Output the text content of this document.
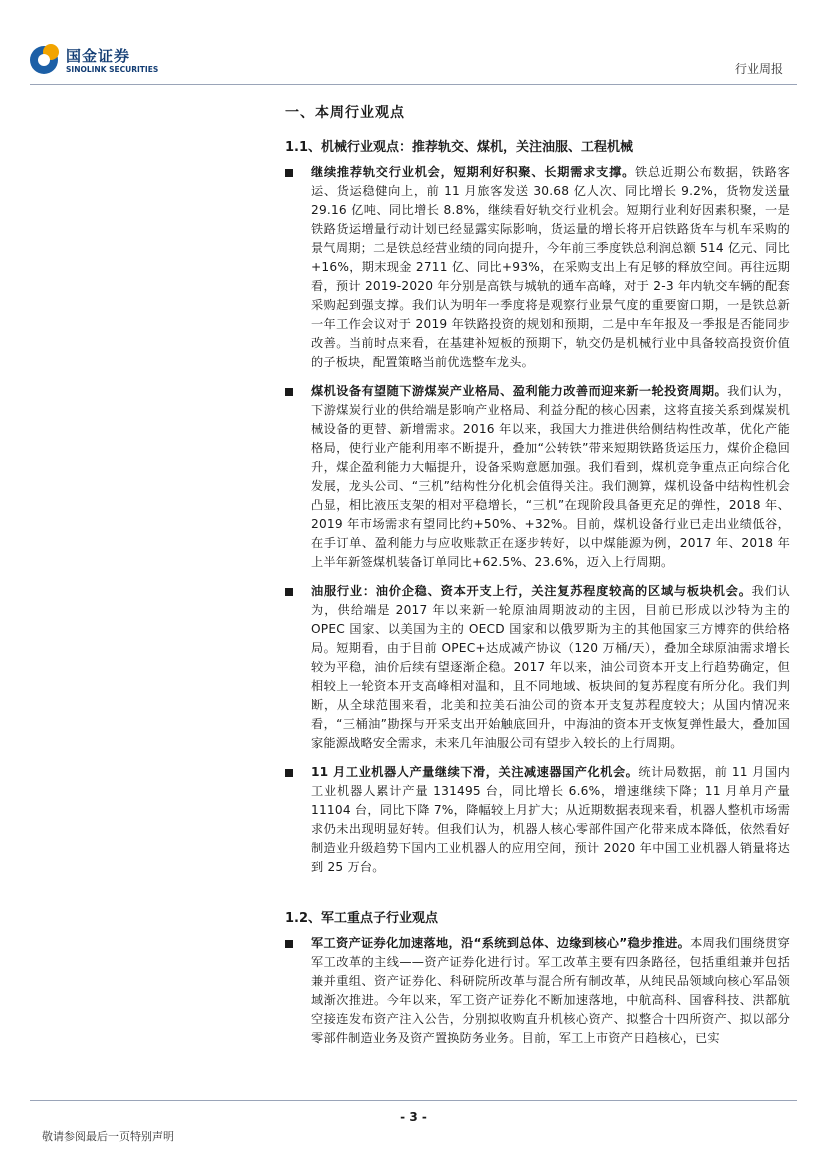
国金证券
SINOLINK SECURITIES	行业周报
一、本周行业观点
1.1、机械行业观点：推荐轨交、煤机，关注油服、工程机械
继续推荐轨交行业机会，短期利好积聚、长期需求支撑。铁总近期公布数据，铁路客运、货运稳健向上，前 11 月旅客发送 30.68 亿人次、同比增长 9.2%，货物发送量 29.16 亿吨、同比增长 8.8%，继续看好轨交行业机会。短期行业利好因素积聚，一是铁路货运增量行动计划已经显露实际影响，货运量的增长将开启铁路货车与机车采购的景气周期；二是铁总经营业绩的同向提升，今年前三季度铁总利润总额 514 亿元、同比+16%，期末现金 2711 亿、同比+93%，在采购支出上有足够的释放空间。再往远期看，预计 2019-2020 年分别是高铁与城轨的通车高峰，对于 2-3 年内轨交车辆的配套采购起到强支撑。我们认为明年一季度将是观察行业景气度的重要窗口期，一是铁总新一年工作会议对于 2019 年铁路投资的规划和预期，二是中车年报及一季报是否能同步改善。当前时点来看，在基建补短板的预期下，轨交仍是机械行业中具备较高投资价值的子板块，配置策略当前优选整车龙头。
煤机设备有望随下游煤炭产业格局、盈利能力改善而迎来新一轮投资周期。我们认为，下游煤炭行业的供给端是影响产业格局、利益分配的核心因素，这将直接关系到煤炭机械设备的更替、新增需求。2016 年以来，我国大力推进供给侧结构性改革，优化产能格局，使行业产能利用率不断提升，叠加“公转铁”带来短期铁路货运压力，煤价企稳回升，煤企盈利能力大幅提升，设备采购意愿加强。我们看到，煤机竞争重点正向综合化发展，龙头公司、“三机”结构性分化机会值得关注。我们测算，煤机设备中结构性机会凸显，相比液压支架的相对平稳增长，“三机”在现阶段具备更充足的弹性，2018 年、2019 年市场需求有望同比约+50%、+32%。目前，煤机设备行业已走出业绩低谷，在手订单、盈利能力与应收账款正在逐步转好，以中煤能源为例，2017 年、2018 年上半年新签煤机装备订单同比+62.5%、23.6%，迈入上行周期。
油服行业：油价企稳、资本开支上行，关注复苏程度较高的区域与板块机会。我们认为，供给端是 2017 年以来新一轮原油周期波动的主因，目前已形成以沙特为主的 OPEC 国家、以美国为主的 OECD 国家和以俄罗斯为主的其他国家三方博弈的供给格局。短期看，由于目前 OPEC+达成减产协议（120 万桶/天），叠加全球原油需求增长较为平稳，油价后续有望逐渐企稳。2017 年以来，油公司资本开支上行趋势确定，但相较上一轮资本开支高峰相对温和，且不同地域、板块间的复苏程度有所分化。我们判断，从全球范围来看，北美和拉美石油公司的资本开支复苏程度较大；从国内情况来看，“三桶油”勘探与开采支出开始触底回升，中海油的资本开支恢复弹性最大，叠加国家能源战略安全需求，未来几年油服公司有望步入较长的上行周期。
11 月工业机器人产量继续下滑，关注减速器国产化机会。统计局数据，前 11 月国内工业机器人累计产量 131495 台，同比增长 6.6%，增速继续下降；11 月单月产量 11104 台，同比下降 7%，降幅较上月扩大；从近期数据表现来看，机器人整机市场需求仍未出现明显好转。但我们认为，机器人核心零部件国产化带来成本降低，依然看好制造业升级趋势下国内工业机器人的应用空间，预计 2020 年中国工业机器人销量将达到 25 万台。
1.2、军工重点子行业观点
军工资产证券化加速落地，沿“系统到总体、边缘到核心”稳步推进。本周我们围绕贯穿军工改革的主线——资产证券化进行讨。军工改革主要有四条路径，包括重组兼并包括兼并重组、资产证券化、科研院所改革与混合所有制改革，从纯民品领域向核心军品领域渐次推进。今年以来，军工资产证券化不断加速落地，中航高科、国睿科技、洪都航空接连发布资产注入公告，分别拟收购直升机核心资产、拟整合十四所资产、拟以部分零部件制造业务及资产置换防务业务。目前，军工上市资产日趋核心，已实
- 3 -
敬请参阅最后一页特别声明
